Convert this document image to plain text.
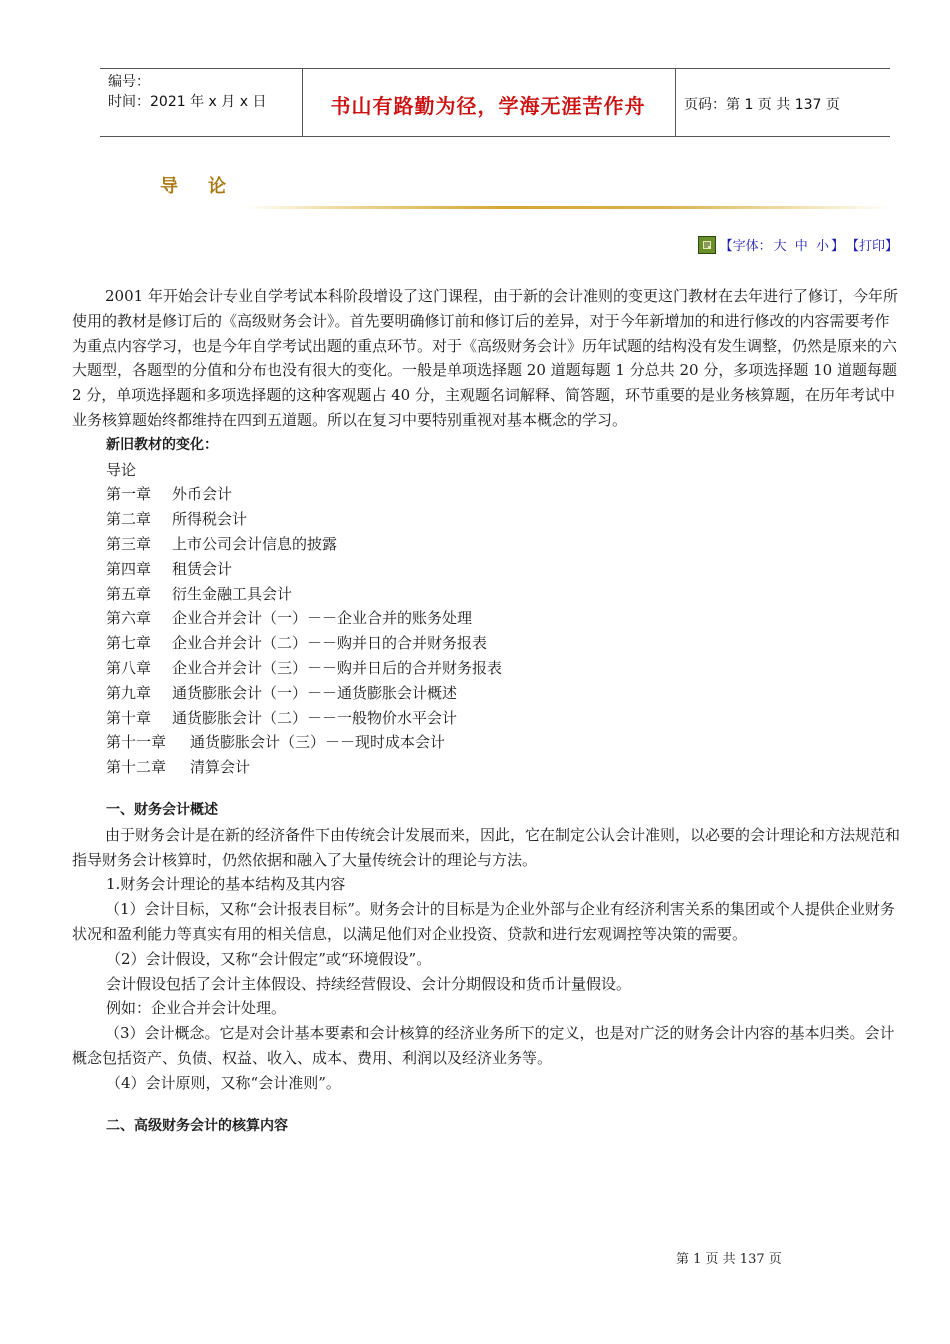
编号：
时间：2021 年 x 月 x 日	书山有路勤为径，学海无涯苦作舟	页码：第 1 页 共 137 页
导论
【字体： 大
中
小 】 【打印】

2001 年开始会计专业自学考试本科阶段增设了这门课程，由于新的会计准则的变更这门教材在去年进行了修订，今年所使用的教材是修订后的《高级财务会计》。首先要明确修订前和修订后的差异，对于今年新增加的和进行修改的内容需要考作为重点内容学习，也是今年自学考试出题的重点环节。对于《高级财务会计》历年试题的结构没有发生调整，仍然是原来的六大题型，各题型的分值和分布也没有很大的变化。一般是单项选择题 20 道题每题 1 分总共 20 分，多项选择题 10 道题每题 2 分，单项选择题和多项选择题的这种客观题占 40 分，主观题名词解释、简答题，环节重要的是业务核算题，在历年考试中业务核算题始终都维持在四到五道题。所以在复习中要特别重视对基本概念的学习。

新旧教材的变化：

导论

第一章 外币会计

第二章 所得税会计

第三章 上市公司会计信息的披露

第四章 租赁会计

第五章 衍生金融工具会计

第六章 企业合并会计（一）－－企业合并的账务处理

第七章 企业合并会计（二）－－购并日的合并财务报表

第八章 企业合并会计（三）－－购并日后的合并财务报表

第九章 通货膨胀会计（一）－－通货膨胀会计概述

第十章 通货膨胀会计（二）－－一般物价水平会计

第十一章 通货膨胀会计（三）－－现时成本会计

第十二章 清算会计

一、财务会计概述

由于财务会计是在新的经济备件下由传统会计发展而来，因此，它在制定公认会计准则，以必要的会计理论和方法规范和指导财务会计核算时，仍然依据和融入了大量传统会计的理论与方法。

1.财务会计理论的基本结构及其内容

（1）会计目标，又称“会计报表目标”。财务会计的目标是为企业外部与企业有经济利害关系的集团或个人提供企业财务状况和盈利能力等真实有用的相关信息，以满足他们对企业投资、贷款和进行宏观调控等决策的需要。

（2）会计假设，又称“会计假定”或“环境假设”。

会计假设包括了会计主体假设、持续经营假设、会计分期假设和货币计量假设。

例如：企业合并会计处理。

（3）会计概念。它是对会计基本要素和会计核算的经济业务所下的定义，也是对广泛的财务会计内容的基本归类。会计概念包括资产、负债、权益、收入、成本、费用、利润以及经济业务等。

（4）会计原则，又称“会计准则”。

二、高级财务会计的核算内容

第 1 页 共 137 页
